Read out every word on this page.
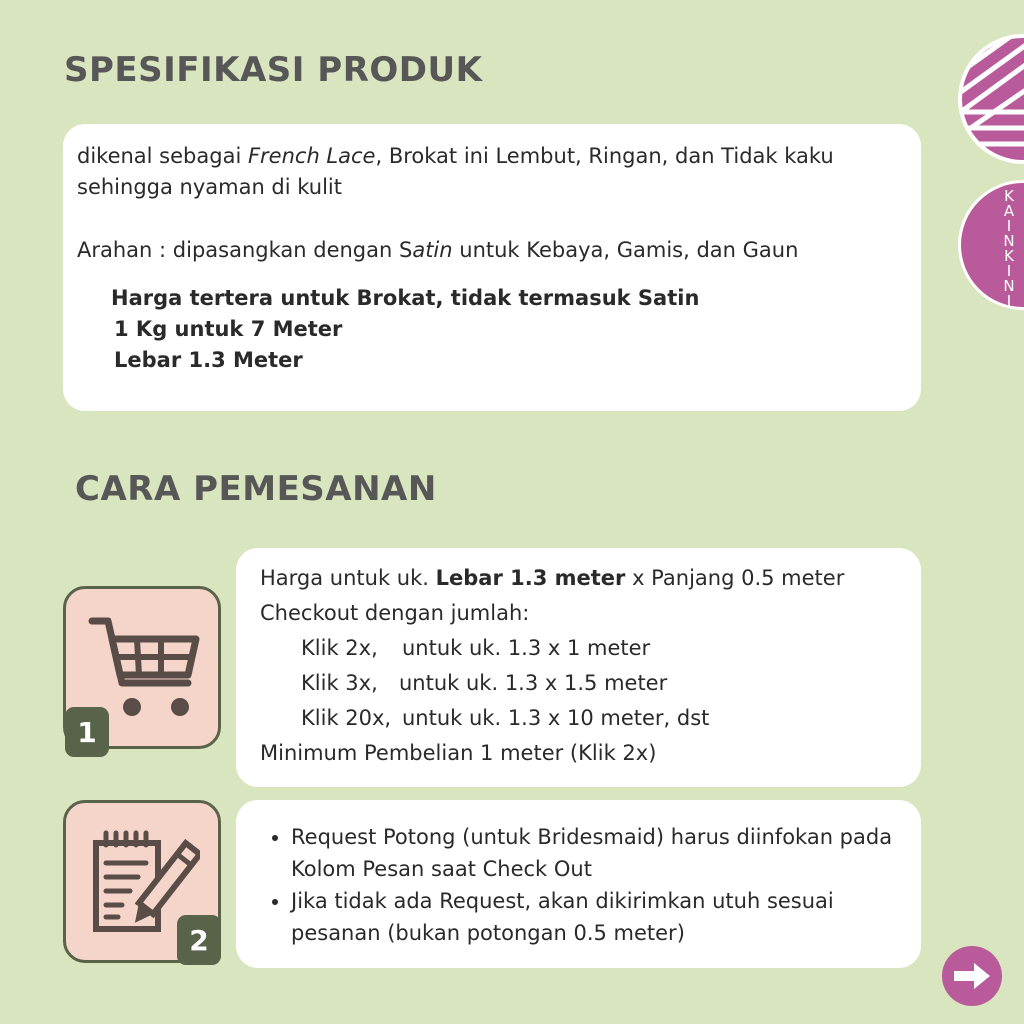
SPESIFIKASI PRODUK

dikenal sebagai French Lace, Brokat ini Lembut, Ringan, dan Tidak kaku sehingga nyaman di kulit

Arahan : dipasangkan dengan Satin untuk Kebaya, Gamis, dan Gaun

Harga tertera untuk Brokat, tidak termasuk Satin

1 Kg untuk 7 Meter

Lebar 1.3 Meter

CARA PEMESANAN
1

Harga untuk uk. Lebar 1.3 meter x Panjang 0.5 meter

Checkout dengan jumlah:

Klik 2x,	untuk uk. 1.3 x 1 meter
Klik 3x,	untuk uk. 1.3 x 1.5 meter
Klik 20x, untuk uk. 1.3 x 10 meter, dst

Minimum Pembelian 1 meter (Klik 2x)

2
• Request Potong (untuk Bridesmaid) harus diinfokan pada Kolom Pesan saat Check Out
• Jika tidak ada Request, akan dikirimkan utuh sesuai pesanan (bukan potongan 0.5 meter)
KAINKINI
